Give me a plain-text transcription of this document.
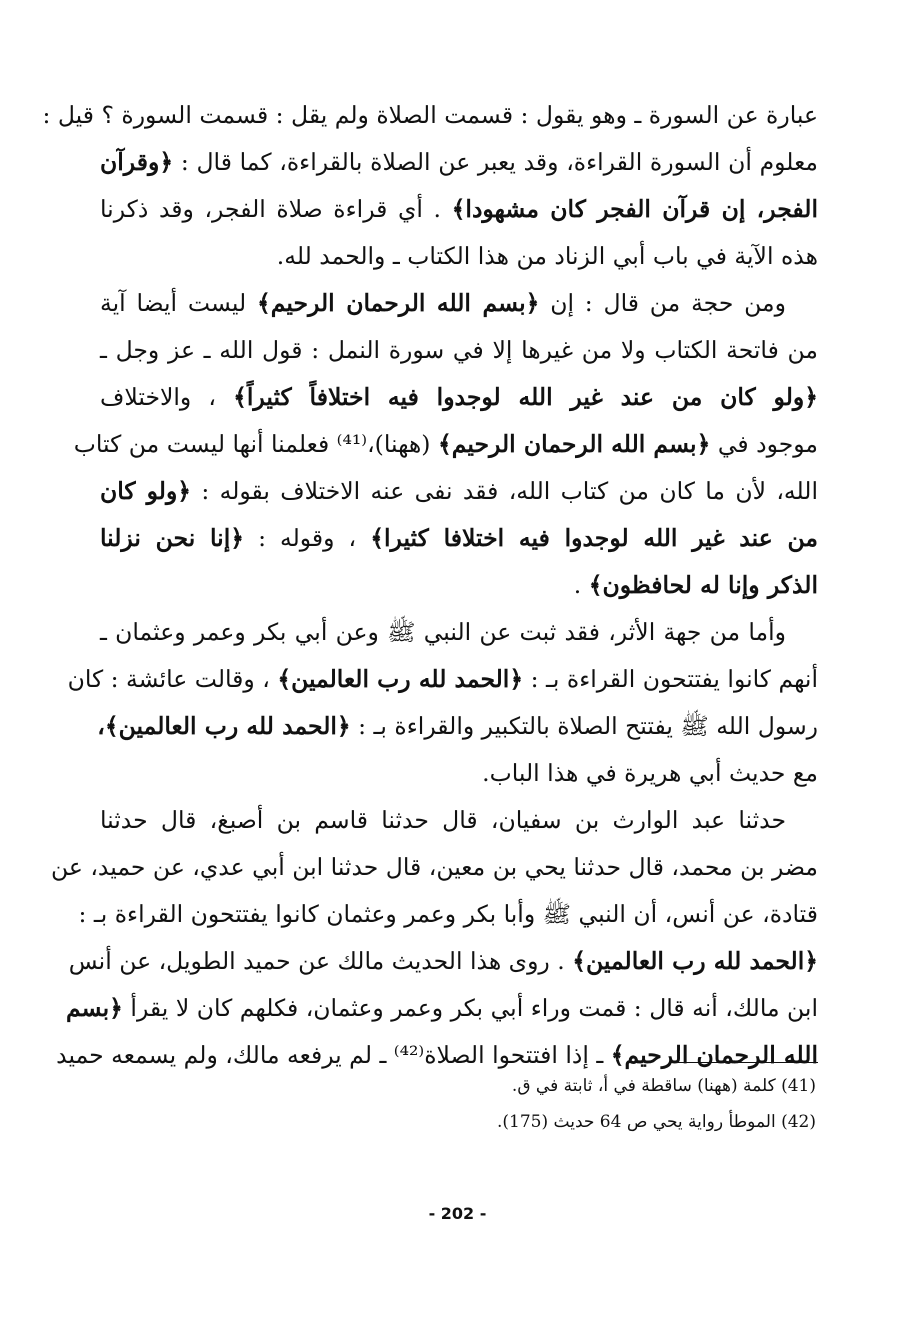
عبارة عن السورة ـ وهو يقول : قسمت الصلاة ولم يقل : قسمت السورة ؟ قيل :
معلوم أن السورة القراءة، وقد يعبر عن الصلاة بالقراءة، كما قال : ﴿وقرآن
الفجر، إن قرآن الفجر كان مشهودا﴾ . أي قراءة صلاة الفجر، وقد ذكرنا
هذه الآية في باب أبي الزناد من هذا الكتاب ـ والحمد لله.
ومن حجة من قال : إن ﴿بسم الله الرحمان الرحيم﴾ ليست أيضا آية
من فاتحة الكتاب ولا من غيرها إلا في سورة النمل : قول الله ـ عز وجل ـ
﴿ولو كان من عند غير الله لوجدوا فيه اختلافاً كثيراً﴾ ، والاختلاف
موجود في ﴿بسم الله الرحمان الرحيم﴾ (ههنا)،⁽⁴¹⁾ فعلمنا أنها ليست من كتاب
الله، لأن ما كان من كتاب الله، فقد نفى عنه الاختلاف بقوله : ﴿ولو كان
من عند غير الله لوجدوا فيه اختلافا كثيرا﴾ ، وقوله : ﴿إنا نحن نزلنا
الذكر وإنا له لحافظون﴾ .
وأما من جهة الأثر، فقد ثبت عن النبي ﷺ وعن أبي بكر وعمر وعثمان ـ
أنهم كانوا يفتتحون القراءة بـ : ﴿الحمد لله رب العالمين﴾ ، وقالت عائشة : كان
رسول الله ﷺ يفتتح الصلاة بالتكبير والقراءة بـ : ﴿الحمد لله رب العالمين﴾،
مع حديث أبي هريرة في هذا الباب.
حدثنا عبد الوارث بن سفيان، قال حدثنا قاسم بن أصبغ، قال حدثنا
مضر بن محمد، قال حدثنا يحي بن معين، قال حدثنا ابن أبي عدي، عن حميد، عن
قتادة، عن أنس، أن النبي ﷺ وأبا بكر وعمر وعثمان كانوا يفتتحون القراءة بـ :
﴿الحمد لله رب العالمين﴾ . روى هذا الحديث مالك عن حميد الطويل، عن أنس
ابن مالك، أنه قال : قمت وراء أبي بكر وعمر وعثمان، فكلهم كان لا يقرأ ﴿بسم
الله الرحمان الرحيم﴾ ـ إذا افتتحوا الصلاة⁽⁴²⁾ ـ لم يرفعه مالك، ولم يسمعه حميد
(41) كلمة (ههنا) ساقطة في أ، ثابتة في ق.
(42) الموطأ رواية يحي ص 64 حديث (175).
- 202 -
